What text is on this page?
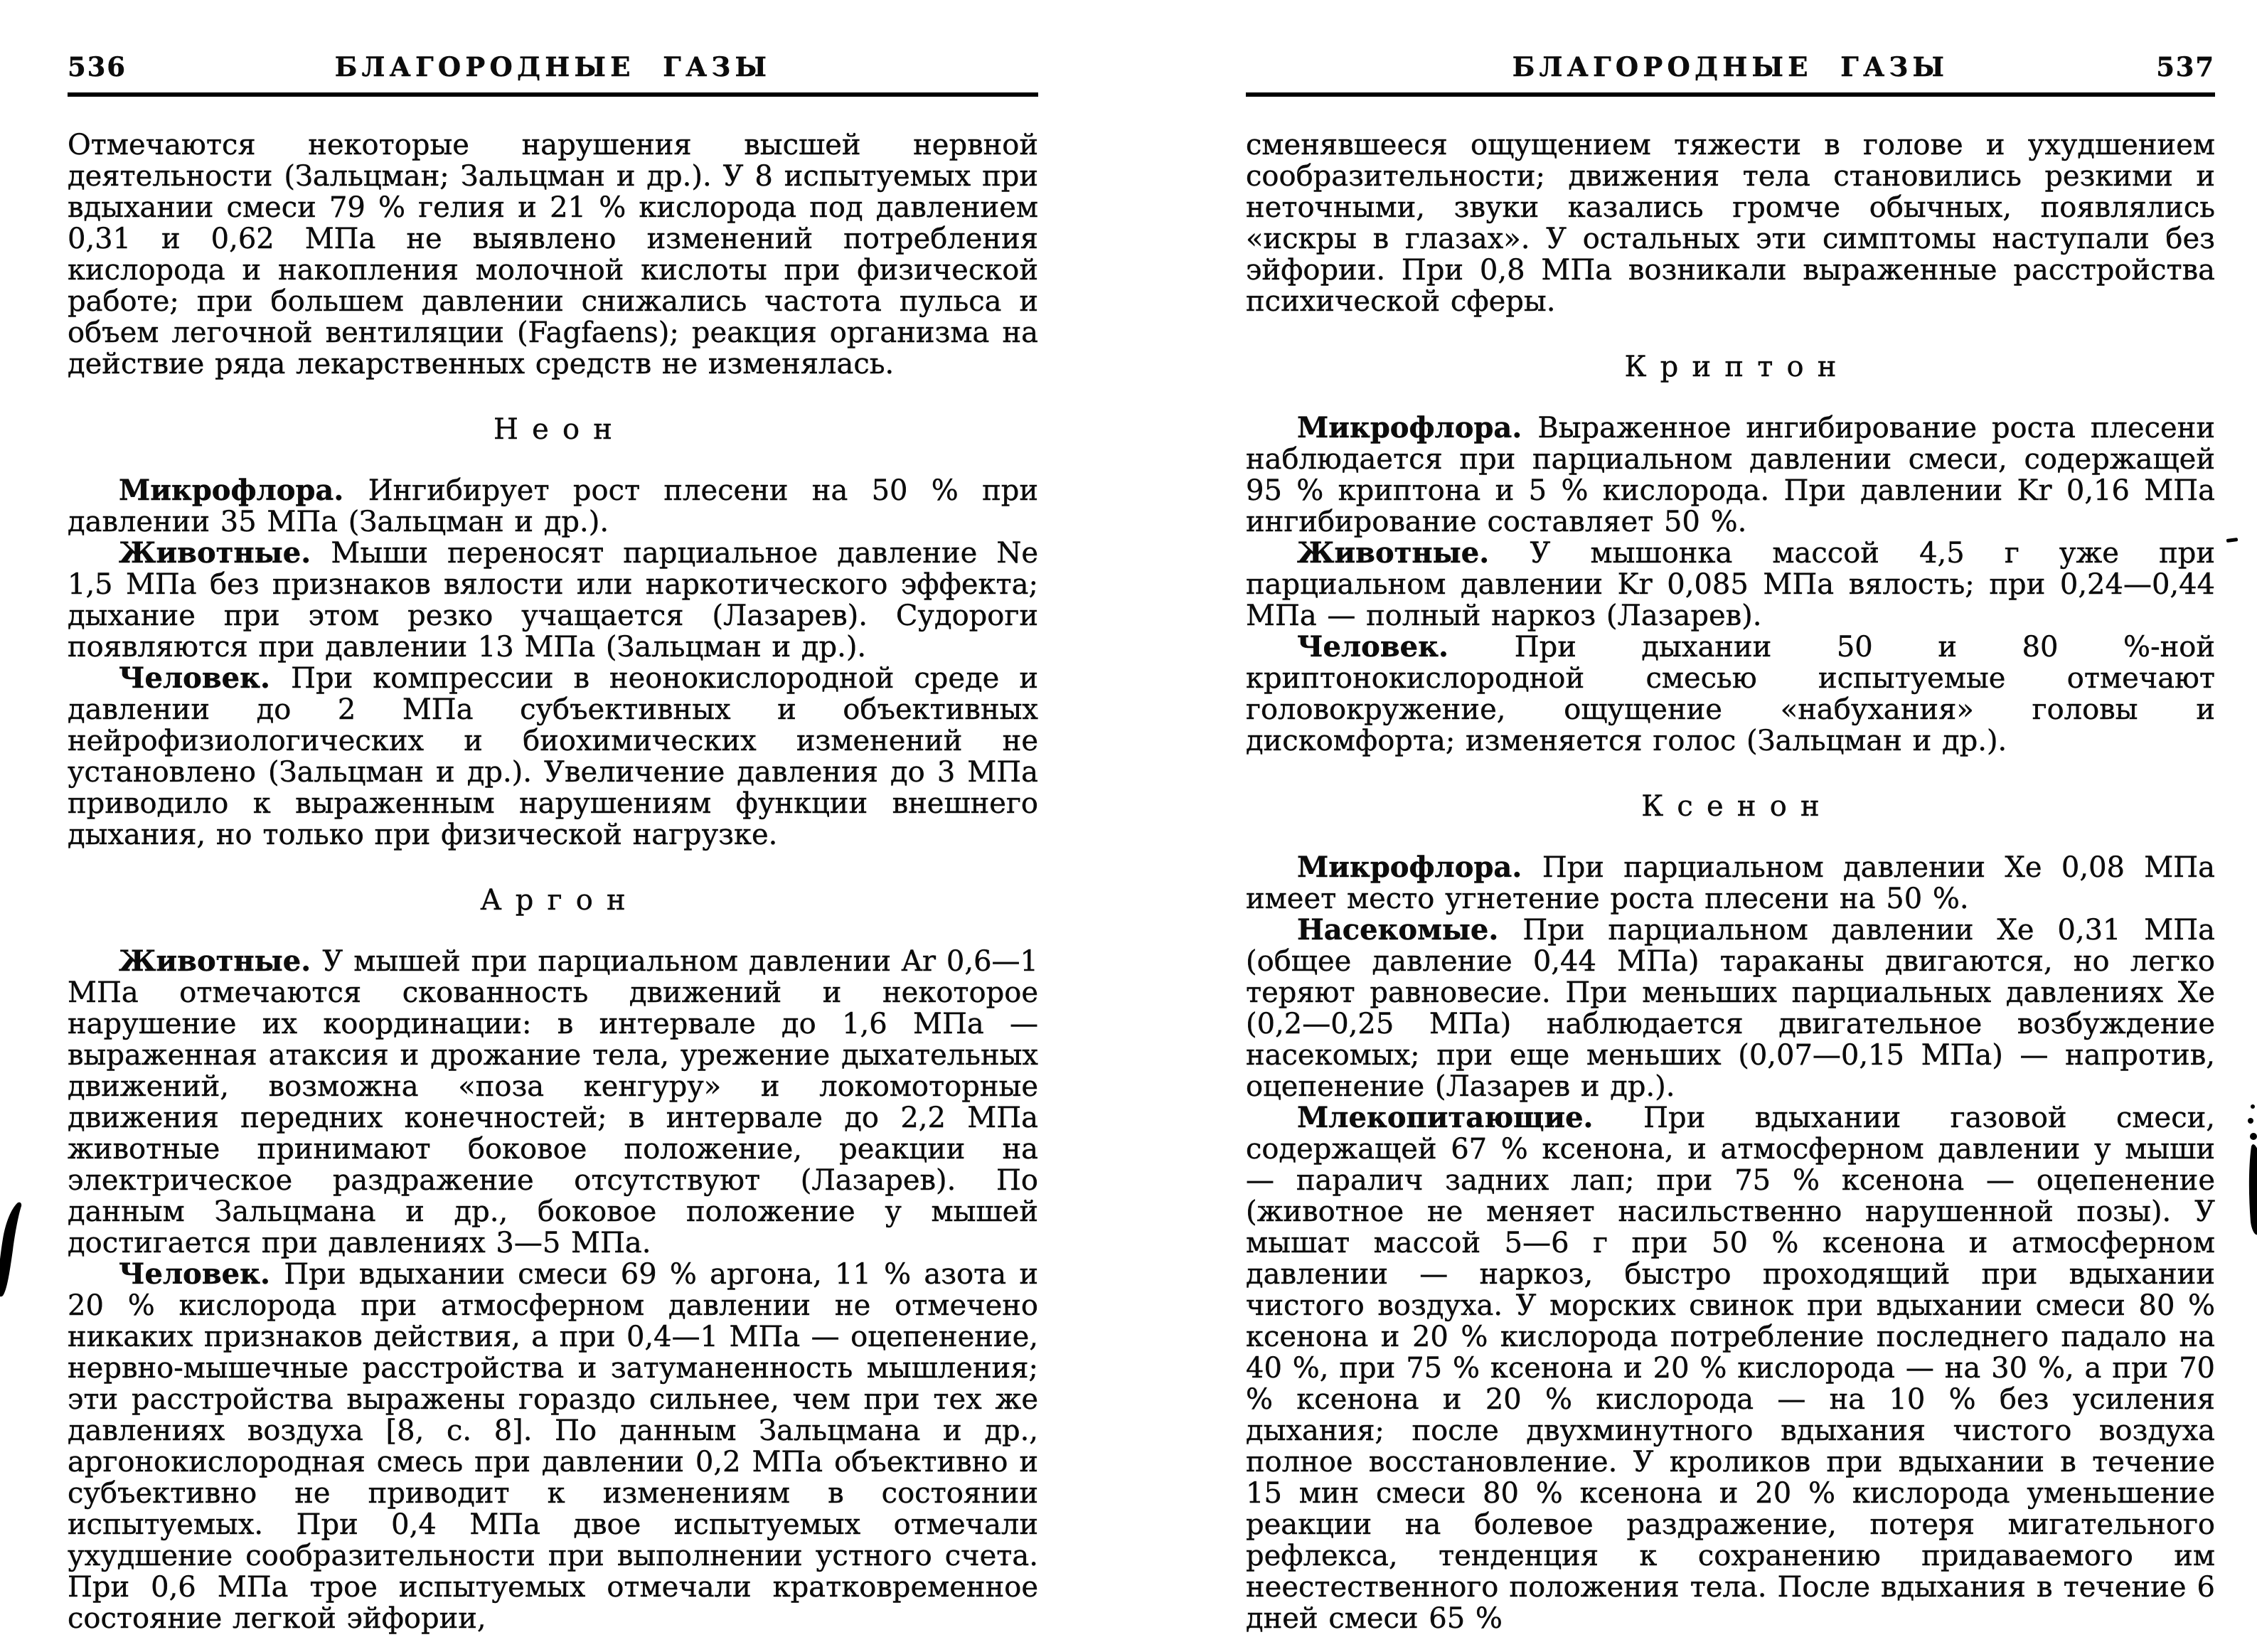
536	БЛАГОРОДНЫЕ ГАЗЫ

Отмечаются некоторые нарушения высшей нервной деятельности (Зальцман; Зальцман и др.). У 8 испытуемых при вдыхании смеси 79 % гелия и 21 % кислорода под давлением 0,31 и 0,62 МПа не выявлено изменений потребления кислорода и накопления молочной кислоты при физической работе; при большем давлении снижались частота пульса и объем легочной вентиляции (Fagfaens); реакция организма на действие ряда лекарственных средств не изменялась.

Неон

Микрофлора. Ингибирует рост плесени на 50 % при давлении 35 МПа (Зальцман и др.).

Животные. Мыши переносят парциальное давление Ne 1,5 МПа без признаков вялости или наркотического эффекта; дыхание при этом резко учащается (Лазарев). Судороги появляются при давлении 13 МПа (Зальцман и др.).

Человек. При компрессии в неонокислородной среде и давлении до 2 МПа субъективных и объективных нейрофизиологических и биохимических изменений не установлено (Зальцман и др.). Увеличение давления до 3 МПа приводило к выраженным нарушениям функции внешнего дыхания, но только при физической нагрузке.

Аргон

Животные. У мышей при парциальном давлении Ar 0,6—1 МПа отмечаются скованность движений и некоторое нарушение их координации: в интервале до 1,6 МПа — выраженная атаксия и дрожание тела, урежение дыхательных движений, возможна «поза кенгуру» и локомоторные движения передних конечностей; в интервале до 2,2 МПа животные принимают боковое положение, реакции на электрическое раздражение отсутствуют (Лазарев). По данным Зальцмана и др., боковое положение у мышей достигается при давлениях 3—5 МПа.

Человек. При вдыхании смеси 69 % аргона, 11 % азота и 20 % кислорода при атмосферном давлении не отмечено никаких признаков действия, а при 0,4—1 МПа — оцепенение, нервно-мышечные расстройства и затуманенность мышления; эти расстройства выражены гораздо сильнее, чем при тех же давлениях воздуха [8, с. 8]. По данным Зальцмана и др., аргонокислородная смесь при давлении 0,2 МПа объективно и субъективно не приводит к изменениям в состоянии испытуемых. При 0,4 МПа двое испытуемых отмечали ухудшение сообразительности при выполнении устного счета. При 0,6 МПа трое испытуемых отмечали кратковременное состояние легкой эйфории,

БЛАГОРОДНЫЕ ГАЗЫ	537

сменявшееся ощущением тяжести в голове и ухудшением сообразительности; движения тела становились резкими и неточными, звуки казались громче обычных, появлялись «искры в глазах». У остальных эти симптомы наступали без эйфории. При 0,8 МПа возникали выраженные расстройства психической сферы.

Криптон

Микрофлора. Выраженное ингибирование роста плесени наблюдается при парциальном давлении смеси, содержащей 95 % криптона и 5 % кислорода. При давлении Kr 0,16 МПа ингибирование составляет 50 %.

Животные. У мышонка массой 4,5 г уже при парциальном давлении Kr 0,085 МПа вялость; при 0,24—0,44 МПа — полный наркоз (Лазарев).

Человек. При дыхании 50 и 80 %-ной криптонокислородной смесью испытуемые отмечают головокружение, ощущение «набухания» головы и дискомфорта; изменяется голос (Зальцман и др.).

Ксенон

Микрофлора. При парциальном давлении Xе 0,08 МПа имеет место угнетение роста плесени на 50 %.

Насекомые. При парциальном давлении Xе 0,31 МПа (общее давление 0,44 МПа) тараканы двигаются, но легко теряют равновесие. При меньших парциальных давлениях Xе (0,2—0,25 МПа) наблюдается двигательное возбуждение насекомых; при еще меньших (0,07—0,15 МПа) — напротив, оцепенение (Лазарев и др.).

Млекопитающие. При вдыхании газовой смеси, содержащей 67 % ксенона, и атмосферном давлении у мыши — паралич задних лап; при 75 % ксенона — оцепенение (животное не меняет насильственно нарушенной позы). У мышат массой 5—6 г при 50 % ксенона и атмосферном давлении — наркоз, быстро проходящий при вдыхании чистого воздуха. У морских свинок при вдыхании смеси 80 % ксенона и 20 % кислорода потребление последнего падало на 40 %, при 75 % ксенона и 20 % кислорода — на 30 %, а при 70 % ксенона и 20 % кислорода — на 10 % без усиления дыхания; после двухминутного вдыхания чистого воздуха полное восстановление. У кроликов при вдыхании в течение 15 мин смеси 80 % ксенона и 20 % кислорода уменьшение реакции на болевое раздражение, потеря мигательного рефлекса, тенденция к сохранению придаваемого им неестественного положения тела. После вдыхания в течение 6 дней смеси 65 %
